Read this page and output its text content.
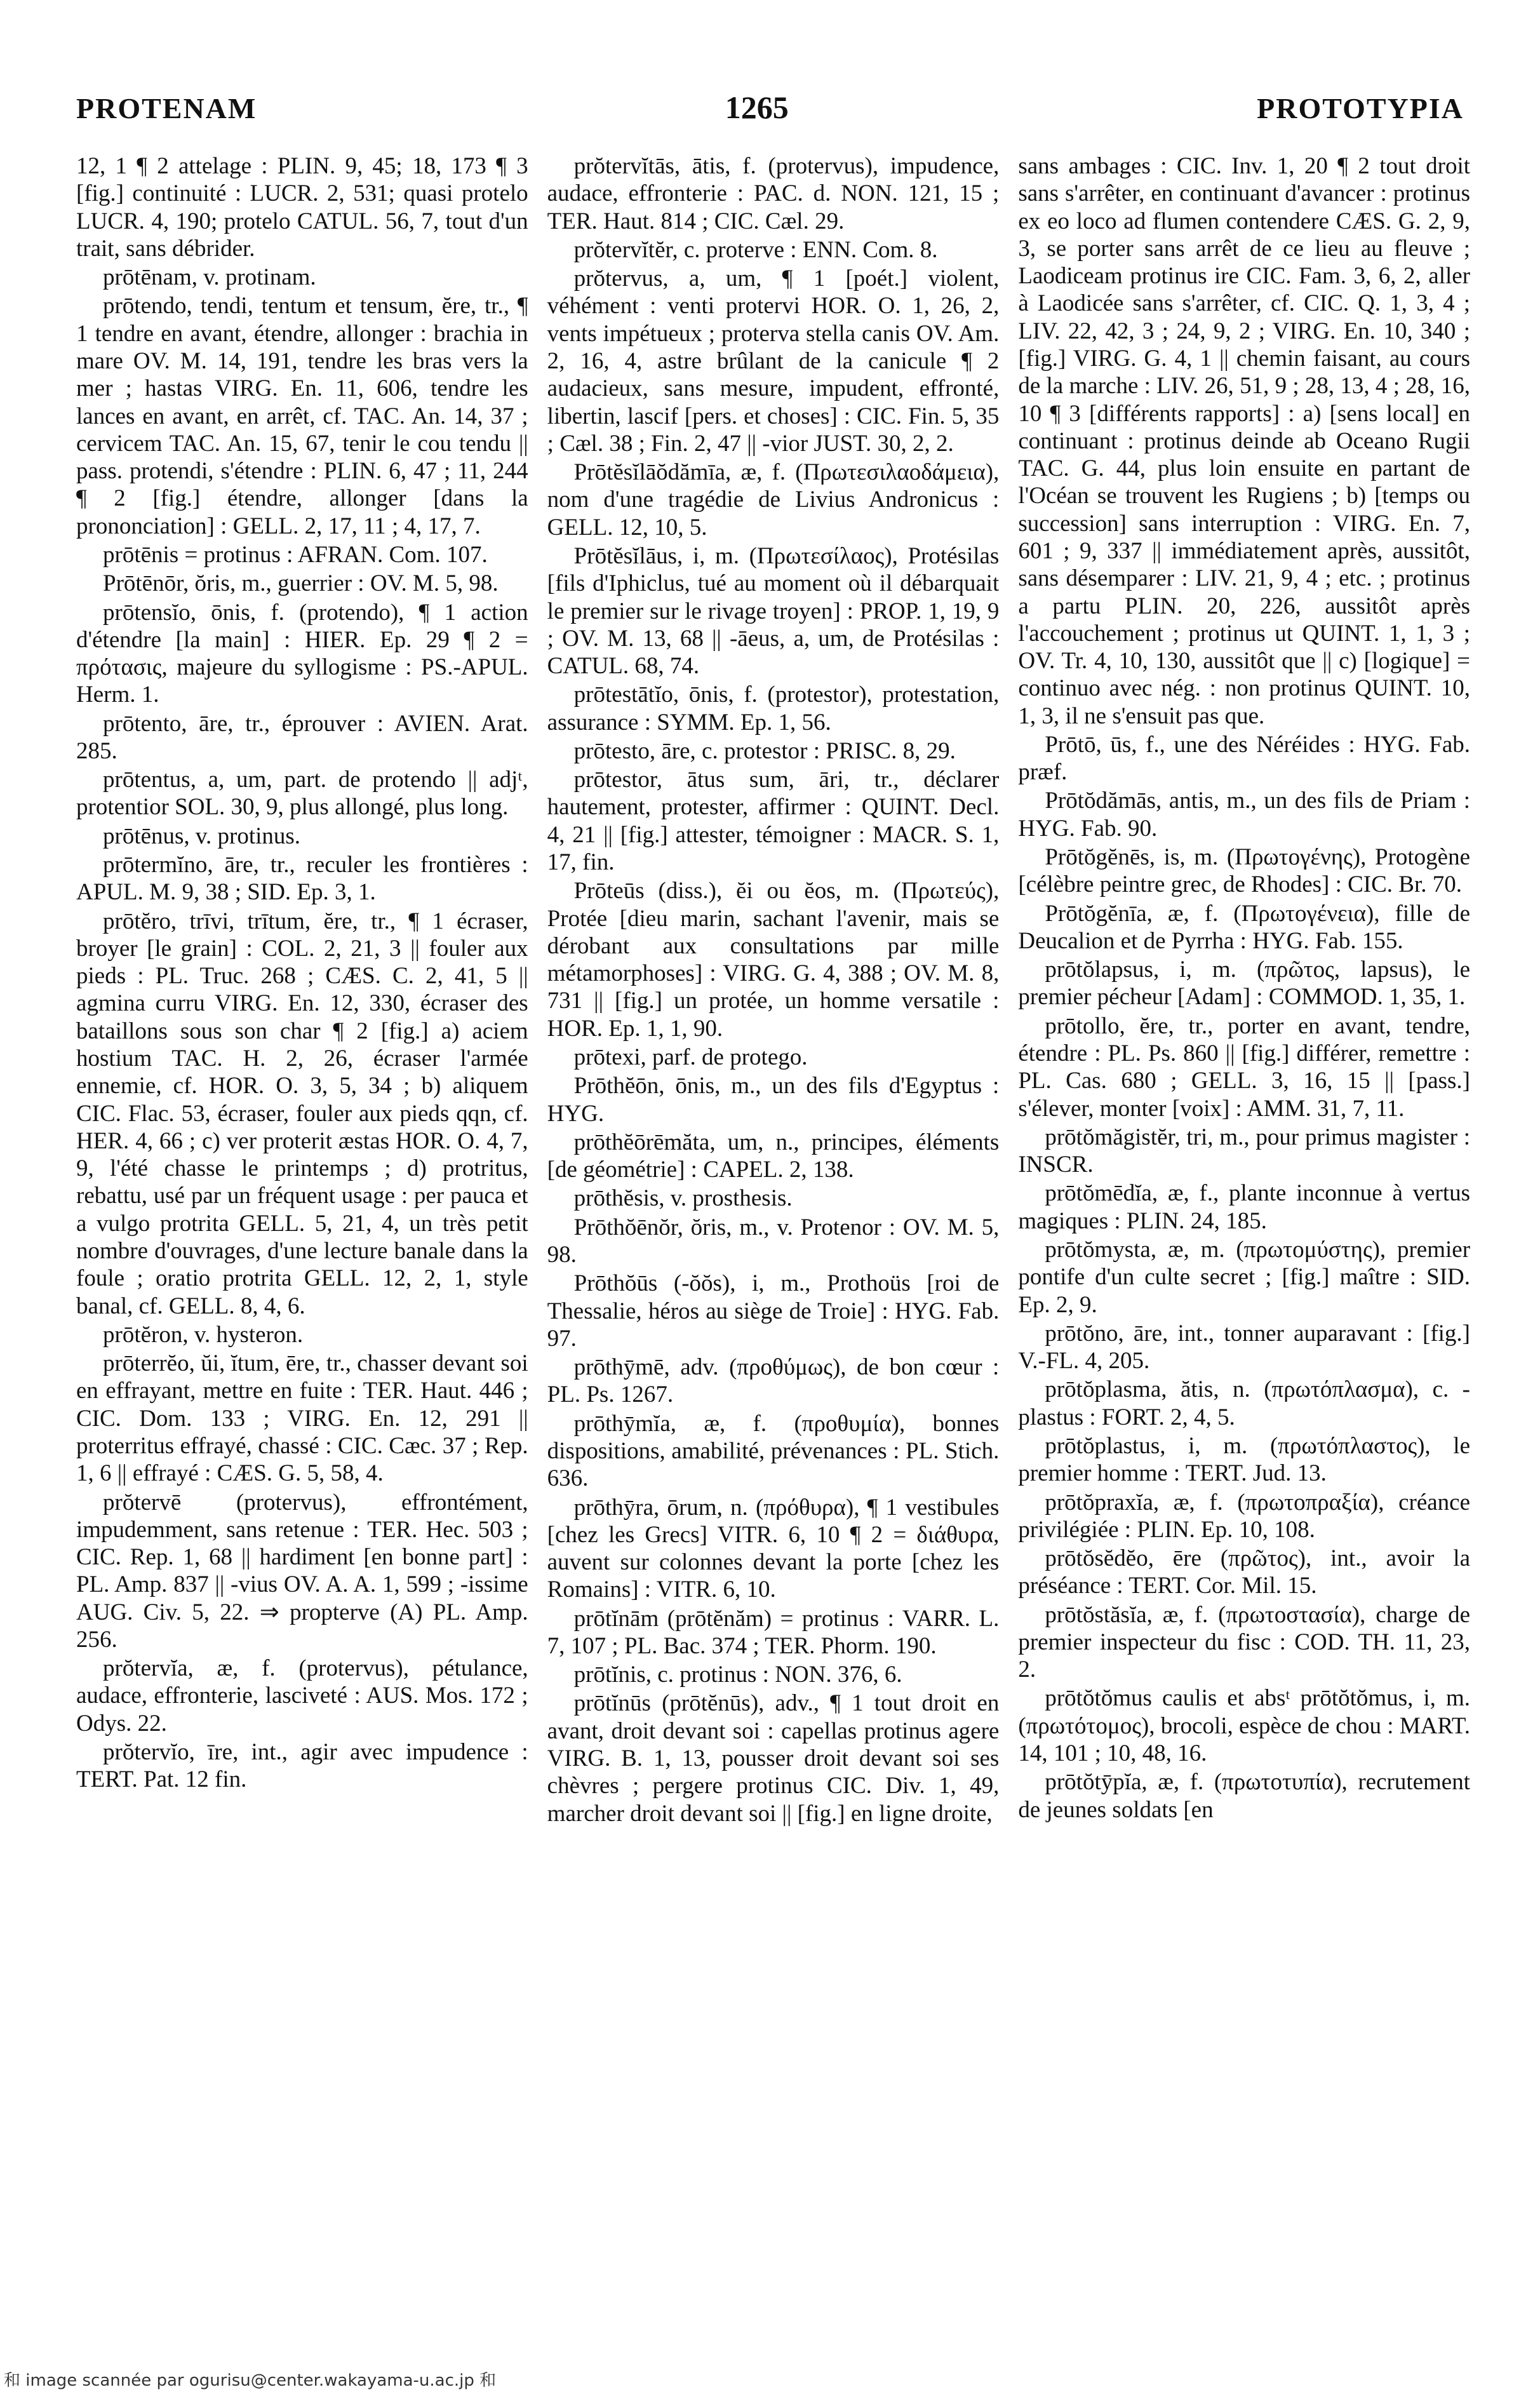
PROTENAM	1265	PROTOTYPIA

12, 1 ¶ 2 attelage : PLIN. 9, 45; 18, 173 ¶ 3 [fig.] continuité : LUCR. 2, 531; quasi protelo LUCR. 4, 190; protelo CATUL. 56, 7, tout d'un trait, sans débrider.

prōtēnam, v. protinam.

prōtendo, tendi, tentum et tensum, ĕre, tr., ¶ 1 tendre en avant, étendre, allonger : brachia in mare OV. M. 14, 191, tendre les bras vers la mer ; hastas VIRG. En. 11, 606, tendre les lances en avant, en arrêt, cf. TAC. An. 14, 37 ; cervicem TAC. An. 15, 67, tenir le cou tendu || pass. protendi, s'étendre : PLIN. 6, 47 ; 11, 244 ¶ 2 [fig.] étendre, allonger [dans la prononciation] : GELL. 2, 17, 11 ; 4, 17, 7.

prōtēnis = protinus : AFRAN. Com. 107.

Prōtēnōr, ŏris, m., guerrier : OV. M. 5, 98.

prōtensĭo, ōnis, f. (protendo), ¶ 1 action d'étendre [la main] : HIER. Ep. 29 ¶ 2 = πρότασις, majeure du syllogisme : PS.-APUL. Herm. 1.

prōtento, āre, tr., éprouver : AVIEN. Arat. 285.

prōtentus, a, um, part. de protendo || adjᵗ, protentior SOL. 30, 9, plus allongé, plus long.

prōtēnus, v. protinus.

prōtermĭno, āre, tr., reculer les frontières : APUL. M. 9, 38 ; SID. Ep. 3, 1.

prōtĕro, trīvi, trītum, ĕre, tr., ¶ 1 écraser, broyer [le grain] : COL. 2, 21, 3 || fouler aux pieds : PL. Truc. 268 ; CÆS. C. 2, 41, 5 || agmina curru VIRG. En. 12, 330, écraser des bataillons sous son char ¶ 2 [fig.] a) aciem hostium TAC. H. 2, 26, écraser l'armée ennemie, cf. HOR. O. 3, 5, 34 ; b) aliquem CIC. Flac. 53, écraser, fouler aux pieds qqn, cf. HER. 4, 66 ; c) ver proterit æstas HOR. O. 4, 7, 9, l'été chasse le printemps ; d) protritus, rebattu, usé par un fréquent usage : per pauca et a vulgo protrita GELL. 5, 21, 4, un très petit nombre d'ouvrages, d'une lecture banale dans la foule ; oratio protrita GELL. 12, 2, 1, style banal, cf. GELL. 8, 4, 6.

prōtĕron, v. hysteron.

prōterrĕo, ŭi, ĭtum, ēre, tr., chasser devant soi en effrayant, mettre en fuite : TER. Haut. 446 ; CIC. Dom. 133 ; VIRG. En. 12, 291 || proterritus effrayé, chassé : CIC. Cæc. 37 ; Rep. 1, 6 || effrayé : CÆS. G. 5, 58, 4.

prŏtervē (protervus), effrontément, impudemment, sans retenue : TER. Hec. 503 ; CIC. Rep. 1, 68 || hardiment [en bonne part] : PL. Amp. 837 || -vius OV. A. A. 1, 599 ; -issime AUG. Civ. 5, 22. ⇒ propterve (A) PL. Amp. 256.

prŏtervĭa, æ, f. (protervus), pétulance, audace, effronterie, lasciveté : AUS. Mos. 172 ; Odys. 22.

prŏtervĭo, īre, int., agir avec impudence : TERT. Pat. 12 fin.

prŏtervĭtās, ātis, f. (protervus), impudence, audace, effronterie : PAC. d. NON. 121, 15 ; TER. Haut. 814 ; CIC. Cæl. 29.

prŏtervĭtĕr, c. proterve : ENN. Com. 8.

prŏtervus, a, um, ¶ 1 [poét.] violent, véhément : venti protervi HOR. O. 1, 26, 2, vents impétueux ; proterva stella canis OV. Am. 2, 16, 4, astre brûlant de la canicule ¶ 2 audacieux, sans mesure, impudent, effronté, libertin, lascif [pers. et choses] : CIC. Fin. 5, 35 ; Cæl. 38 ; Fin. 2, 47 || -vior JUST. 30, 2, 2.

Prōtĕsĭlāŏdămīa, æ, f. (Πρωτεσιλαοδάμεια), nom d'une tragédie de Livius Andronicus : GELL. 12, 10, 5.

Prōtĕsĭlāus, i, m. (Πρωτεσίλαος), Protésilas [fils d'Iphiclus, tué au moment où il débarquait le premier sur le rivage troyen] : PROP. 1, 19, 9 ; OV. M. 13, 68 || -āeus, a, um, de Protésilas : CATUL. 68, 74.

prōtestātĭo, ōnis, f. (protestor), protestation, assurance : SYMM. Ep. 1, 56.

prōtesto, āre, c. protestor : PRISC. 8, 29.

prōtestor, ātus sum, āri, tr., déclarer hautement, protester, affirmer : QUINT. Decl. 4, 21 || [fig.] attester, témoigner : MACR. S. 1, 17, fin.

Prōteūs (diss.), ĕi ou ĕos, m. (Πρωτεύς), Protée [dieu marin, sachant l'avenir, mais se dérobant aux consultations par mille métamorphoses] : VIRG. G. 4, 388 ; OV. M. 8, 731 || [fig.] un protée, un homme versatile : HOR. Ep. 1, 1, 90.

prōtexi, parf. de protego.

Prōthĕōn, ōnis, m., un des fils d'Egyptus : HYG.

prōthĕōrēmăta, um, n., principes, éléments [de géométrie] : CAPEL. 2, 138.

prōthĕsis, v. prosthesis.

Prōthŏēnŏr, ŏris, m., v. Protenor : OV. M. 5, 98.

Prōthŏūs (-ŏŏs), i, m., Prothoüs [roi de Thessalie, héros au siège de Troie] : HYG. Fab. 97.

prōthȳmē, adv. (προθύμως), de bon cœur : PL. Ps. 1267.

prōthȳmĭa, æ, f. (προθυμία), bonnes dispositions, amabilité, prévenances : PL. Stich. 636.

prōthȳra, ōrum, n. (πρόθυρα), ¶ 1 vestibules [chez les Grecs] VITR. 6, 10 ¶ 2 = διάθυρα, auvent sur colonnes devant la porte [chez les Romains] : VITR. 6, 10.

prōtĭnām (prōtĕnăm) = protinus : VARR. L. 7, 107 ; PL. Bac. 374 ; TER. Phorm. 190.

prōtĭnis, c. protinus : NON. 376, 6.

prōtĭnūs (prōtĕnūs), adv., ¶ 1 tout droit en avant, droit devant soi : capellas protinus agere VIRG. B. 1, 13, pousser droit devant soi ses chèvres ; pergere protinus CIC. Div. 1, 49, marcher droit devant soi || [fig.] en ligne droite,

sans ambages : CIC. Inv. 1, 20 ¶ 2 tout droit sans s'arrêter, en continuant d'avancer : protinus ex eo loco ad flumen contendere CÆS. G. 2, 9, 3, se porter sans arrêt de ce lieu au fleuve ; Laodiceam protinus ire CIC. Fam. 3, 6, 2, aller à Laodicée sans s'arrêter, cf. CIC. Q. 1, 3, 4 ; LIV. 22, 42, 3 ; 24, 9, 2 ; VIRG. En. 10, 340 ; [fig.] VIRG. G. 4, 1 || chemin faisant, au cours de la marche : LIV. 26, 51, 9 ; 28, 13, 4 ; 28, 16, 10 ¶ 3 [différents rapports] : a) [sens local] en continuant : protinus deinde ab Oceano Rugii TAC. G. 44, plus loin ensuite en partant de l'Océan se trouvent les Rugiens ; b) [temps ou succession] sans interruption : VIRG. En. 7, 601 ; 9, 337 || immédiatement après, aussitôt, sans désemparer : LIV. 21, 9, 4 ; etc. ; protinus a partu PLIN. 20, 226, aussitôt après l'accouchement ; protinus ut QUINT. 1, 1, 3 ; OV. Tr. 4, 10, 130, aussitôt que || c) [logique] = continuo avec nég. : non protinus QUINT. 10, 1, 3, il ne s'ensuit pas que.

Prōtō, ūs, f., une des Néréides : HYG. Fab. præf.

Prōtŏdămās, antis, m., un des fils de Priam : HYG. Fab. 90.

Prōtŏgĕnēs, is, m. (Πρωτογένης), Protogène [célèbre peintre grec, de Rhodes] : CIC. Br. 70.

Prōtŏgĕnīa, æ, f. (Πρωτογένεια), fille de Deucalion et de Pyrrha : HYG. Fab. 155.

prōtŏlapsus, i, m. (πρῶτος, lapsus), le premier pécheur [Adam] : COMMOD. 1, 35, 1.

prōtollo, ĕre, tr., porter en avant, tendre, étendre : PL. Ps. 860 || [fig.] différer, remettre : PL. Cas. 680 ; GELL. 3, 16, 15 || [pass.] s'élever, monter [voix] : AMM. 31, 7, 11.

prōtŏmăgistĕr, tri, m., pour primus magister : INSCR.

prōtŏmēdĭa, æ, f., plante inconnue à vertus magiques : PLIN. 24, 185.

prōtŏmysta, æ, m. (πρωτομύστης), premier pontife d'un culte secret ; [fig.] maître : SID. Ep. 2, 9.

prōtŏno, āre, int., tonner auparavant : [fig.] V.-FL. 4, 205.

prōtŏplasma, ătis, n. (πρωτόπλασμα), c. -plastus : FORT. 2, 4, 5.

prōtŏplastus, i, m. (πρωτόπλαστος), le premier homme : TERT. Jud. 13.

prōtŏpraxĭa, æ, f. (πρωτοπραξία), créance privilégiée : PLIN. Ep. 10, 108.

prōtŏsĕdĕo, ēre (πρῶτος), int., avoir la préséance : TERT. Cor. Mil. 15.

prōtŏstăsĭa, æ, f. (πρωτοστασία), charge de premier inspecteur du fisc : COD. TH. 11, 23, 2.

prōtŏtŏmus caulis et absᵗ prōtŏtŏmus, i, m. (πρωτότομος), brocoli, espèce de chou : MART. 14, 101 ; 10, 48, 16.

prōtŏtȳpĭa, æ, f. (πρωτοτυπία), recrutement de jeunes soldats [en

和 image scannée par ogurisu@center.wakayama-u.ac.jp 和
